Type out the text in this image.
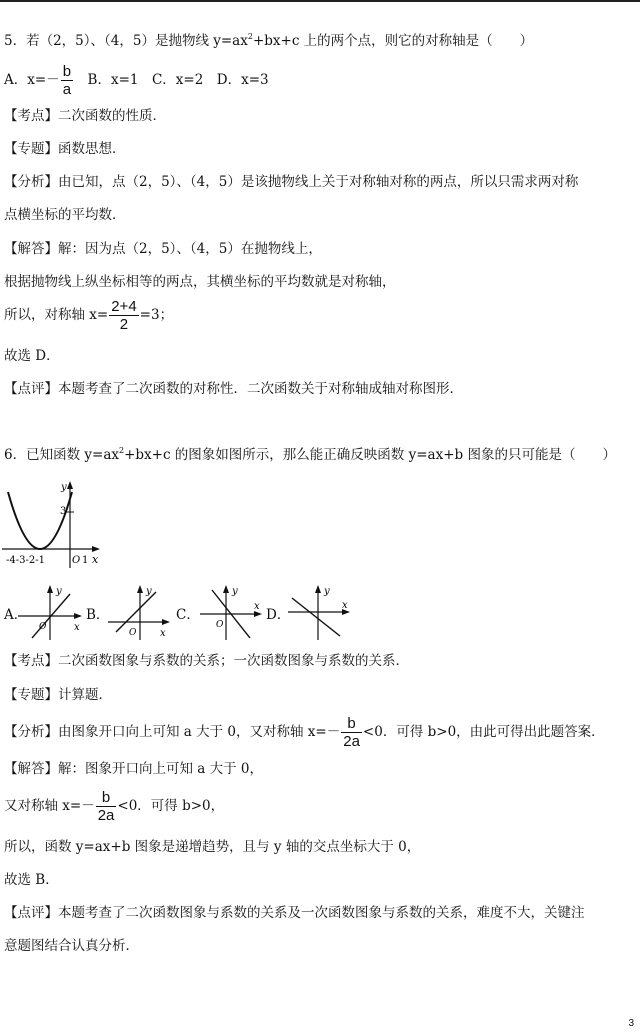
5．若（2，5）、（4，5）是抛物线 $y=ax^2+bx+c$ 上的两个点，则它的对称轴是（　　）
A．$x=- \frac{b}{a}$
　 B．x=1　C．x=2　D．x=3
【考点】二次函数的性质．
【专题】函数思想．
【分析】由已知，点（2，5）、（4，5）是该抛物线上关于对称轴对称的两点，所以只需求两对称
点横坐标的平均数．
【解答】解：因为点（2，5）、（4，5）在抛物线上，
根据抛物线上纵坐标相等的两点，其横坐标的平均数就是对称轴，
所以，对称轴 $x= \frac{2+4}{2} =3$；
故选 D．
【点评】本题考查了二次函数的对称性．二次函数关于对称轴成轴对称图形．
6．已知函数 $y=ax^2+bx+c$ 的图象如图所示，那么能正确反映函数 y=ax+b 图象的只可能是（　　）
y
3
-4-3-2-1	O 1 x
A．
y
O	x
B．
y
O x
C．
y
O
x
D．
y
x
【考点】二次函数图象与系数的关系；一次函数图象与系数的关系．
【专题】计算题．
【分析】由图象开口向上可知 a 大于 0，又对称轴 $x=- \frac{b}{2a} <0$．可得 b>0，由此可得出此题答案．
【解答】解：图象开口向上可知 a 大于 0，
又对称轴 $x=- \frac{b}{2a} <0$．可得 b>0，
所以，函数 y=ax+b 图象是递增趋势，且与 y 轴的交点坐标大于 0，
故选 B．
【点评】本题考查了二次函数图象与系数的关系及一次函数图象与系数的关系，难度不大，关键注
意题图结合认真分析．
3
